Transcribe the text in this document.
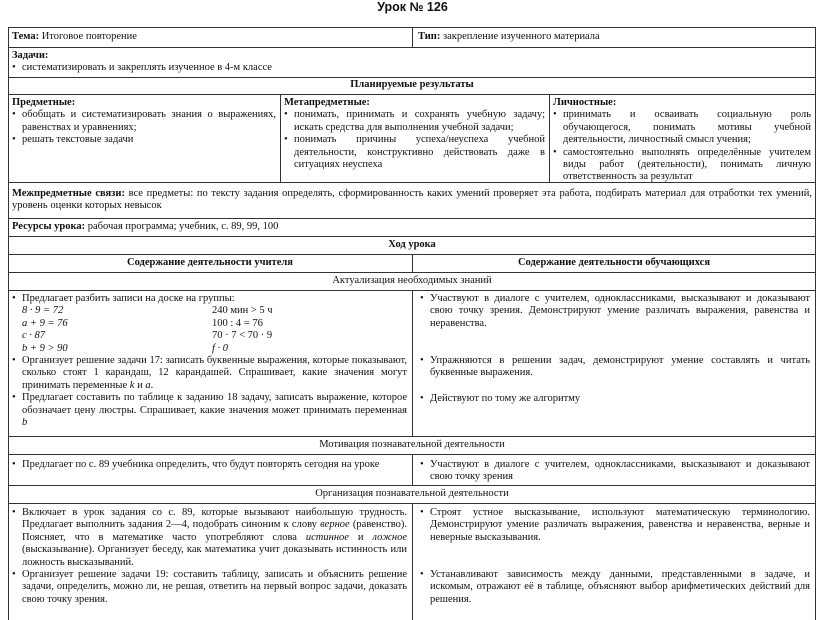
Урок № 126
Тема: Итоговое повторение	Тип: закрепление изученного материала
Задачи:
• систематизировать и закреплять изученное в 4-м классе
Планируемые результаты
Предметные:
• обобщать и систематизировать знания о выражениях, равенствах и уравнениях;
• решать текстовые задачи
Метапредметные:
• понимать, принимать и сохранять учебную задачу; искать средства для выполнения учебной задачи;
• понимать причины успеха/неуспеха учебной деятельности, конструктивно действовать даже в ситуациях неуспеха
Личностные:
• принимать и осваивать социальную роль обучающегося, понимать мотивы учебной деятельности, личностный смысл учения;
• самостоятельно выполнять определённые учителем виды работ (деятельности), понимать личную ответственность за результат
Межпредметные связи: все предметы: по тексту задания определять, сформированность каких умений проверяет эта работа, подбирать материал для отработки тех умений, уровень оценки которых невысок
Ресурсы урока: рабочая программа; учебник, с. 89, 99, 100
Ход урока
Содержание деятельности учителя	Содержание деятельности обучающихся
Актуализация необходимых знаний
• Предлагает разбить записи на доске на группы:
8 · 9 = 72
a + 9 = 76
c · 87
b + 9 > 90
240 мин > 5 ч
100 : 4 = 76
70 · 7 < 70 · 9
f · 0
• Организует решение задачи 17: записать буквенные выражения, которые показывают, сколько стоят 1 карандаш, 12 карандашей. Спрашивает, какие значения могут принимать переменные k и a.
• Предлагает составить по таблице к заданию 18 задачу, записать выражение, которое обозначает цену люстры. Спрашивает, какие значения может принимать переменная b
• Участвуют в диалоге с учителем, одноклассниками, высказывают и доказывают свою точку зрения. Демонстрируют умение различать выражения, равенства и неравенства.
• Упражняются в решении задач, демонстрируют умение составлять и читать буквенные выражения.
• Действуют по тому же алгоритму
Мотивация познавательной деятельности
• Предлагает по с. 89 учебника определить, что будут повторять сегодня на уроке
•	Участвуют в диалоге с учителем, одноклассниками, высказывают и доказывают свою точку зрения
Организация познавательной деятельности
• Включает в урок задания со с. 89, которые вызывают наибольшую трудность. Предлагает выполнить задания 2—4, подобрать синоним к слову верное (равенство). Поясняет, что в математике часто употребляют слова истинное и ложное (высказывание). Организует беседу, как математика учит доказывать истинность или ложность высказываний.
• Организует решение задачи 19: составить таблицу, записать и объяснить решение задачи, определить, можно ли, не решая, ответить на первый вопрос задачи, доказать свою точку зрения.
• Строят устное высказывание, используют математическую терминологию. Демонстрируют умение различать выражения, равенства и неравенства, верные и неверные высказывания.
• Устанавливают зависимость между данными, представленными в задаче, и искомым, отражают её в таблице, объясняют выбор арифметических действий для решения.
